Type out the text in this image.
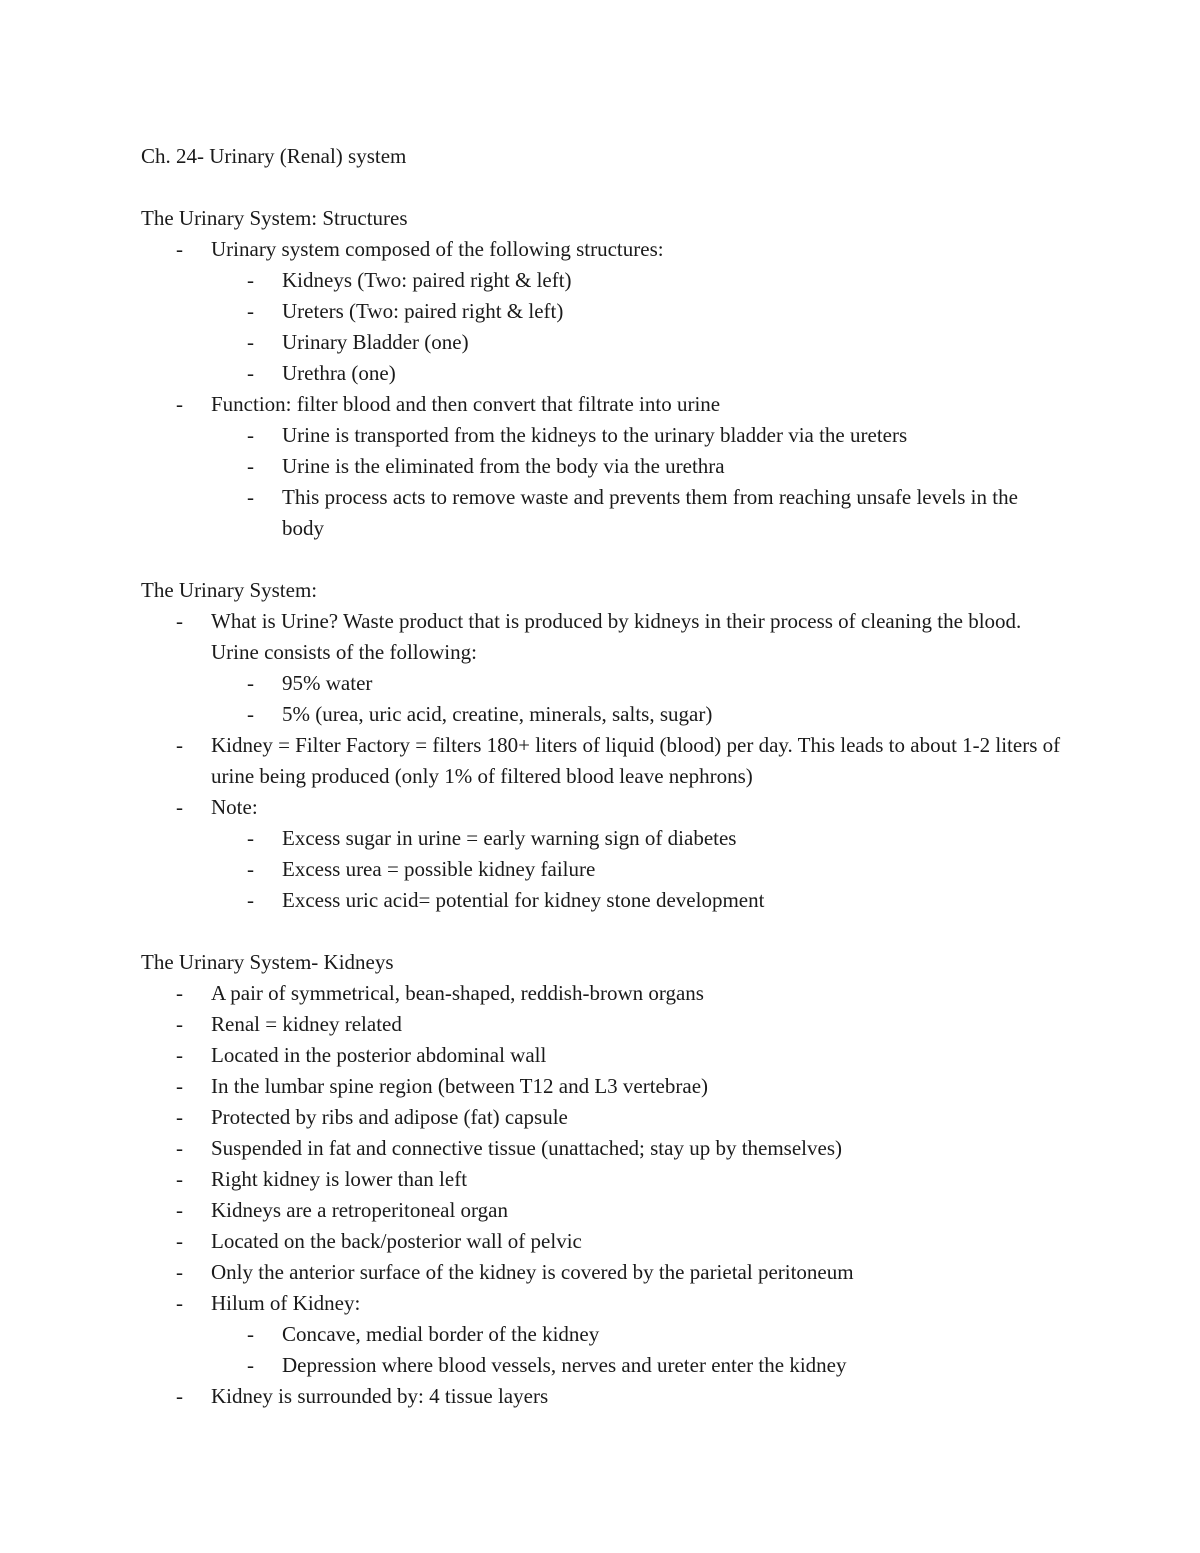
Ch. 24- Urinary (Renal) system
The Urinary System: Structures
- Urinary system composed of the following structures:
- Kidneys (Two: paired right & left)
- Ureters (Two: paired right & left)
- Urinary Bladder (one)
- Urethra (one)
- Function: filter blood and then convert that filtrate into urine
- Urine is transported from the kidneys to the urinary bladder via the ureters
- Urine is the eliminated from the body via the urethra
- This process acts to remove waste and prevents them from reaching unsafe levels in the body
The Urinary System:
- What is Urine? Waste product that is produced by kidneys in their process of cleaning the blood. Urine consists of the following:
- 95% water
- 5% (urea, uric acid, creatine, minerals, salts, sugar)
- Kidney = Filter Factory = filters 180+ liters of liquid (blood) per day. This leads to about 1-2 liters of urine being produced (only 1% of filtered blood leave nephrons)
- Note:
- Excess sugar in urine = early warning sign of diabetes
- Excess urea = possible kidney failure
- Excess uric acid= potential for kidney stone development
The Urinary System- Kidneys
- A pair of symmetrical, bean-shaped, reddish-brown organs
- Renal = kidney related
- Located in the posterior abdominal wall
- In the lumbar spine region (between T12 and L3 vertebrae)
- Protected by ribs and adipose (fat) capsule
- Suspended in fat and connective tissue (unattached; stay up by themselves)
- Right kidney is lower than left
- Kidneys are a retroperitoneal organ
- Located on the back/posterior wall of pelvic
- Only the anterior surface of the kidney is covered by the parietal peritoneum
- Hilum of Kidney:
- Concave, medial border of the kidney
- Depression where blood vessels, nerves and ureter enter the kidney
- Kidney is surrounded by: 4 tissue layers
